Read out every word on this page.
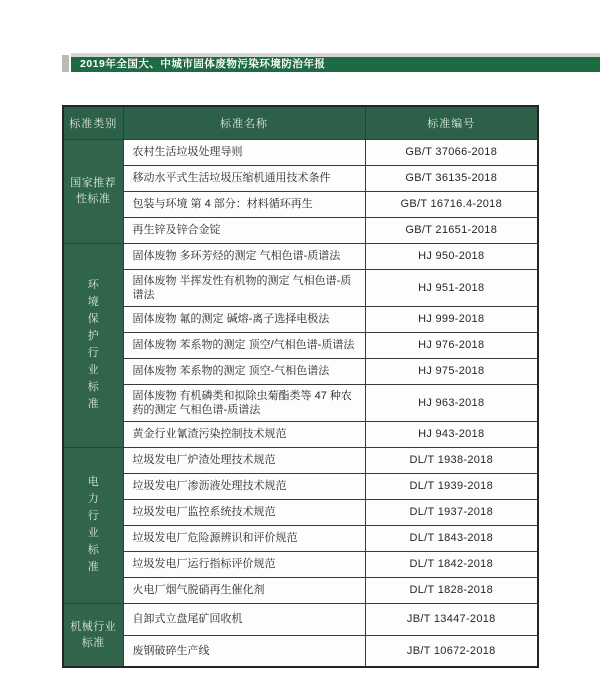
2019年全国大、中城市固体废物污染环境防治年报
标准类别	标准名称	标准编号
国家推荐性标准	农村生活垃圾处理导则	GB/T 37066-2018
	移动水平式生活垃圾压缩机通用技术条件	GB/T 36135-2018
	包装与环境 第 4 部分：材料循环再生	GB/T 16716.4-2018
	再生锌及锌合金锭	GB/T 21651-2018
环境保护行业标准	固体废物 多环芳烃的测定 气相色谱-质谱法	HJ 950-2018
	固体废物 半挥发性有机物的测定 气相色谱-质谱法	HJ 951-2018
	固体废物 氟的测定 碱熔-离子选择电极法	HJ 999-2018
	固体废物 苯系物的测定 顶空/气相色谱-质谱法	HJ 976-2018
	固体废物 苯系物的测定 顶空-气相色谱法	HJ 975-2018
	固体废物 有机磷类和拟除虫菊酯类等 47 种农药的测定 气相色谱-质谱法	HJ 963-2018
	黄金行业氰渣污染控制技术规范	HJ 943-2018
电力行业标准	垃圾发电厂炉渣处理技术规范	DL/T 1938-2018
	垃圾发电厂渗沥液处理技术规范	DL/T 1939-2018
	垃圾发电厂监控系统技术规范	DL/T 1937-2018
	垃圾发电厂危险源辨识和评价规范	DL/T 1843-2018
	垃圾发电厂运行指标评价规范	DL/T 1842-2018
	火电厂烟气脱硝再生催化剂	DL/T 1828-2018
机械行业标准	自卸式立盘尾矿回收机	JB/T 13447-2018
	废钢破碎生产线	JB/T 10672-2018
